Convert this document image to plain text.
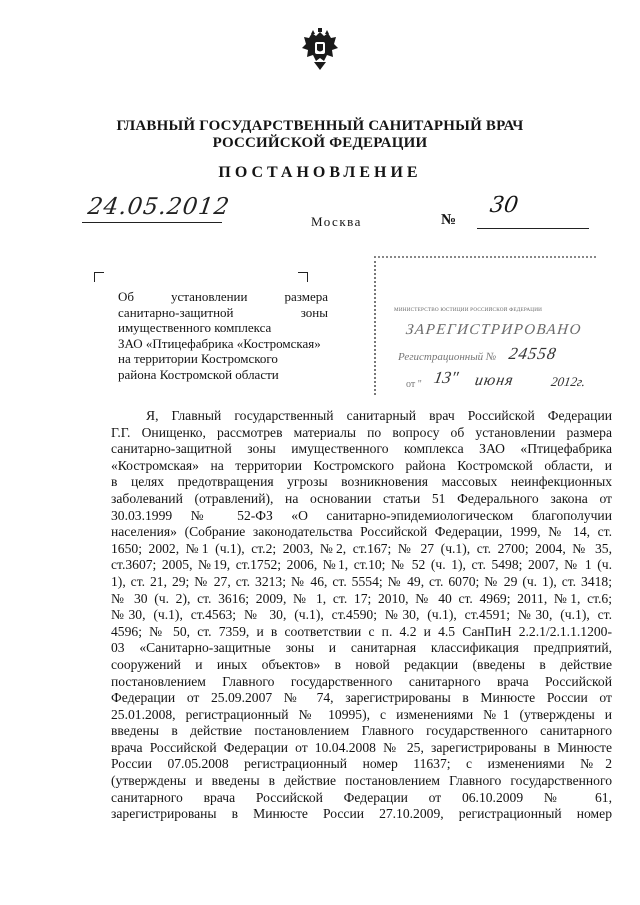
ГЛАВНЫЙ ГОСУДАРСТВЕННЫЙ САНИТАРНЫЙ ВРАЧ
РОССИЙСКОЙ ФЕДЕРАЦИИ
ПОСТАНОВЛЕНИЕ
24.05.2012
Москва	№
30
Об установлении размера
санитарно-защитной зоны
имущественного комплекса
ЗАО «Птицефабрика «Костромская»
на территории Костромского
района Костромской области
МИНИСТЕРСТВО ЮСТИЦИИ РОССИЙСКОЙ ФЕДЕРАЦИИ
ЗАРЕГИСТРИРОВАНО
Регистрационный № 24558
от " 13" июня	2012г.
Я, Главный государственный санитарный врач Российской Федерации
Г.Г. Онищенко, рассмотрев материалы по вопросу об установлении размера
санитарно-защитной зоны имущественного комплекса ЗАО «Птицефабрика
«Костромская» на территории Костромского района Костромской области, и
в целях предотвращения угрозы возникновения массовых неинфекционных
заболеваний (отравлений), на основании статьи 51 Федерального закона от
30.03.1999 № 52-ФЗ «О санитарно-эпидемиологическом благополучии
населения» (Собрание законодательства Российской Федерации, 1999, № 14, ст.
1650; 2002, №1 (ч.1), ст.2; 2003, №2, ст.167; № 27 (ч.1), ст. 2700; 2004, № 35,
ст.3607; 2005, №19, ст.1752; 2006, №1, ст.10; № 52 (ч. 1), ст. 5498; 2007, № 1 (ч.
1), ст. 21, 29; № 27, ст. 3213; № 46, ст. 5554; № 49, ст. 6070; № 29 (ч. 1), ст. 3418;
№ 30 (ч. 2), ст. 3616; 2009, № 1, ст. 17; 2010, № 40 ст. 4969; 2011, №1, ст.6;
№30, (ч.1), ст.4563; № 30, (ч.1), ст.4590; №30, (ч.1), ст.4591; №30, (ч.1), ст.
4596; № 50, ст. 7359, и в соответствии с п. 4.2 и 4.5 СанПиН 2.2.1/2.1.1.1200-
03 «Санитарно-защитные зоны и санитарная классификация предприятий,
сооружений и иных объектов» в новой редакции (введены в действие
постановлением Главного государственного санитарного врача Российской
Федерации от 25.09.2007 № 74, зарегистрированы в Минюсте России от
25.01.2008, регистрационный № 10995), с изменениями №1 (утверждены и
введены в действие постановлением Главного государственного санитарного
врача Российской Федерации от 10.04.2008 № 25, зарегистрированы в Минюсте
России 07.05.2008 регистрационный номер 11637; с изменениями №2
(утверждены и введены в действие постановлением Главного государственного
санитарного врача Российской Федерации от 06.10.2009 № 61,
зарегистрированы в Минюсте России 27.10.2009, регистрационный номер
